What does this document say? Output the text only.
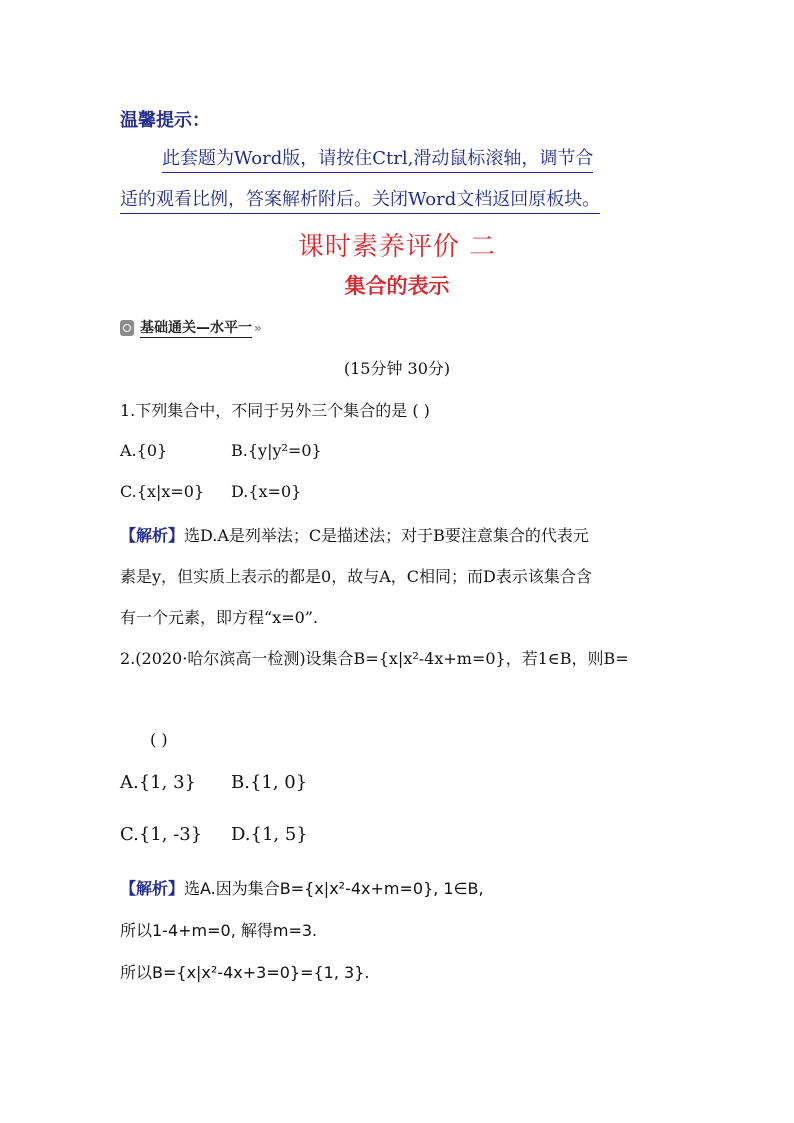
温馨提示：
此套题为Word版，请按住Ctrl,滑动鼠标滚轴，调节合
适的观看比例，答案解析附后。关闭Word文档返回原板块。
课时素养评价 二
集合的表示
基础通关—水平一 »
(15分钟 30分)
1.下列集合中，不同于另外三个集合的是 ( )
A.{0}	B.{y|y²=0}
C.{x|x=0} D.{x=0}
【解析】选D.A是列举法；C是描述法；对于B要注意集合的代表元
素是y，但实质上表示的都是0，故与A，C相同；而D表示该集合含
有一个元素，即方程“x=0”.
2.(2020·哈尔滨高一检测)设集合B={x|x²-4x+m=0}，若1∈B，则B=
( )
A.{1, 3} B.{1, 0}
C.{1, -3} D.{1, 5}
【解析】选A.因为集合B={x|x²-4x+m=0}, 1∈B,
所以1-4+m=0, 解得m=3.
所以B={x|x²-4x+3=0}={1, 3}.
